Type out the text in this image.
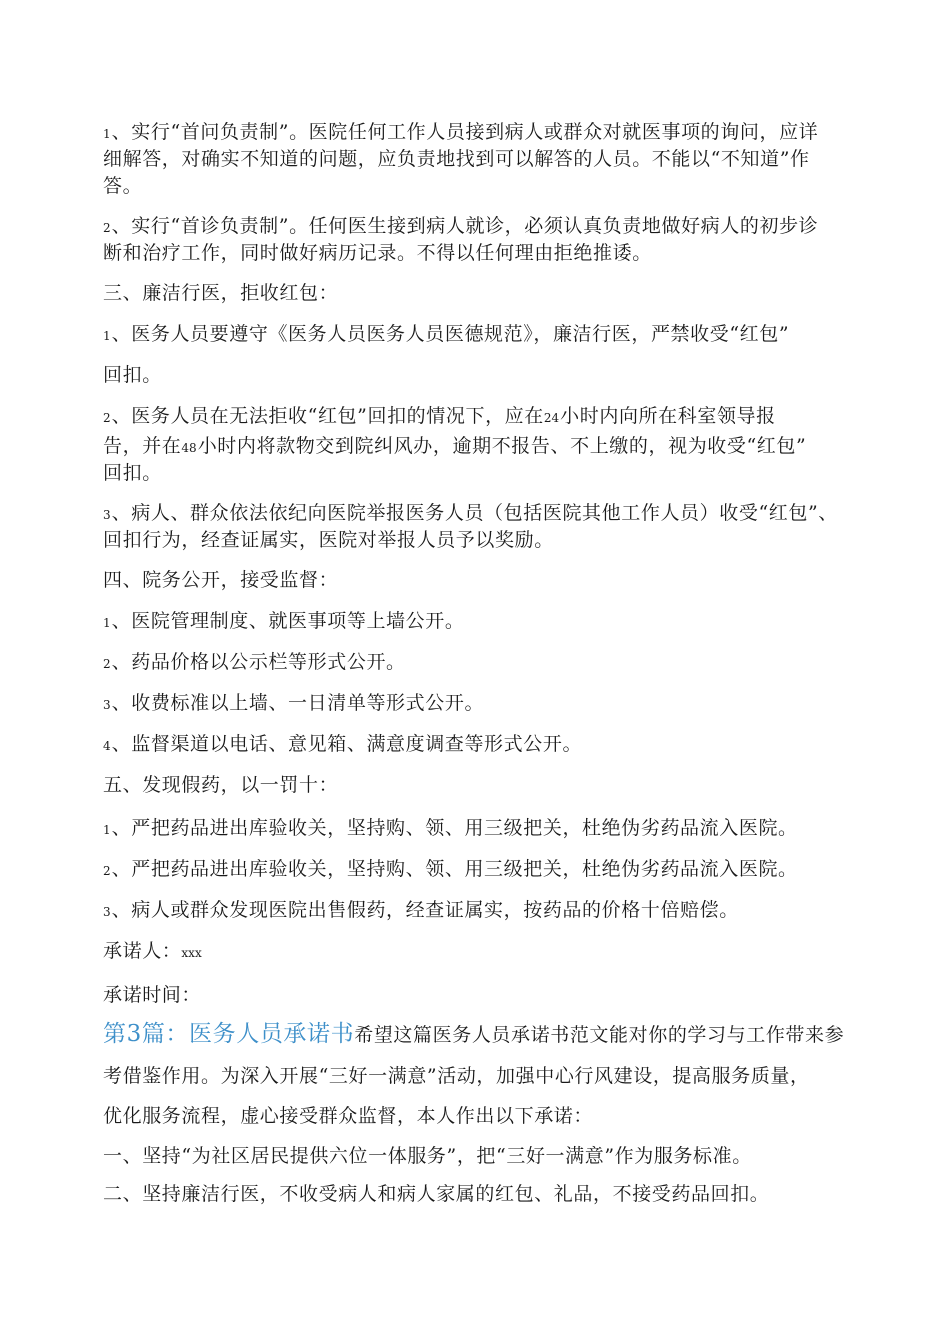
1、实行“首问负责制”。医院任何工作人员接到病人或群众对就医事项的询问，应详
细解答，对确实不知道的问题，应负责地找到可以解答的人员。不能以“不知道”作
答。
2、实行“首诊负责制”。任何医生接到病人就诊，必须认真负责地做好病人的初步诊
断和治疗工作，同时做好病历记录。不得以任何理由拒绝推诿。
三、廉洁行医，拒收红包：
1、医务人员要遵守《医务人员医务人员医德规范》，廉洁行医，严禁收受“红包”
回扣。
2、医务人员在无法拒收“红包”回扣的情况下，应在24小时内向所在科室领导报
告，并在48小时内将款物交到院纠风办，逾期不报告、不上缴的，视为收受“红包”
回扣。
3、病人、群众依法依纪向医院举报医务人员（包括医院其他工作人员）收受“红包”、
回扣行为，经查证属实，医院对举报人员予以奖励。
四、院务公开，接受监督：
1、医院管理制度、就医事项等上墙公开。
2、药品价格以公示栏等形式公开。
3、收费标准以上墙、一日清单等形式公开。
4、监督渠道以电话、意见箱、满意度调查等形式公开。
五、发现假药，以一罚十：
1、严把药品进出库验收关，坚持购、领、用三级把关，杜绝伪劣药品流入医院。
2、严把药品进出库验收关，坚持购、领、用三级把关，杜绝伪劣药品流入医院。
3、病人或群众发现医院出售假药，经查证属实，按药品的价格十倍赔偿。
承诺人：xxx
承诺时间：
第3篇：医务人员承诺书希望这篇医务人员承诺书范文能对你的学习与工作带来参
考借鉴作用。为深入开展“三好一满意”活动，加强中心行风建设，提高服务质量，
优化服务流程，虚心接受群众监督，本人作出以下承诺：
一、坚持“为社区居民提供六位一体服务”，把“三好一满意”作为服务标准。
二、坚持廉洁行医，不收受病人和病人家属的红包、礼品，不接受药品回扣。
